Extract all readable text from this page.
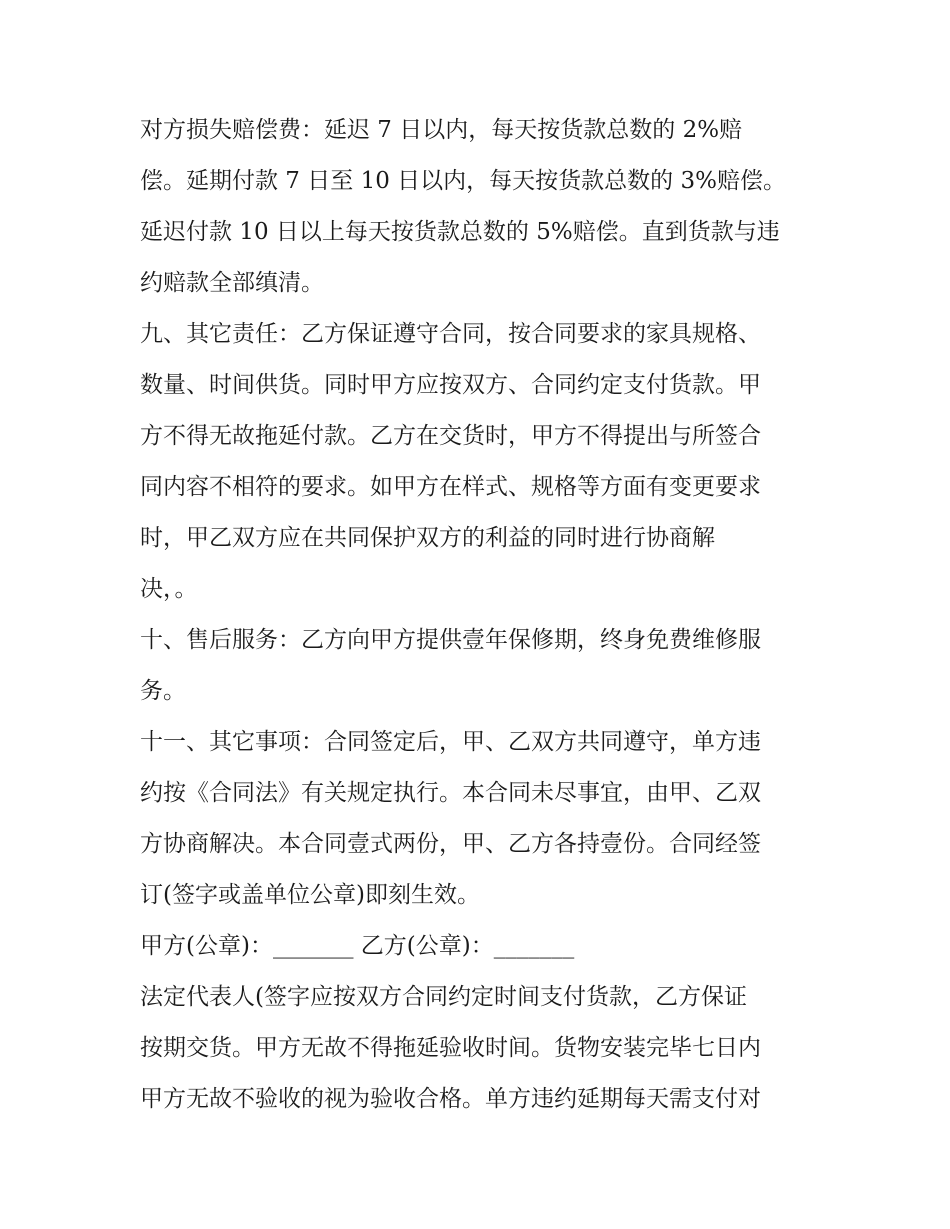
对方损失赔偿费：延迟 7 日以内，每天按货款总数的 2%赔
偿。延期付款 7 日至 10 日以内，每天按货款总数的 3%赔偿。
延迟付款 10 日以上每天按货款总数的 5%赔偿。直到货款与违
约赔款全部缜清。
九、其它责任：乙方保证遵守合同，按合同要求的家具规格、
数量、时间供货。同时甲方应按双方、合同约定支付货款。甲
方不得无故拖延付款。乙方在交货时，甲方不得提出与所签合
同内容不相符的要求。如甲方在样式、规格等方面有变更要求
时，甲乙双方应在共同保护双方的利益的同时进行协商解
决，。
十、售后服务：乙方向甲方提供壹年保修期，终身免费维修服
务。
十一、其它事项：合同签定后，甲、乙双方共同遵守，单方违
约按《合同法》有关规定执行。本合同未尽事宜，由甲、乙双
方协商解决。本合同壹式两份，甲、乙方各持壹份。合同经签
订(签字或盖单位公章)即刻生效。
甲方(公章)：_______ 乙方(公章)：_______
法定代表人(签字应按双方合同约定时间支付货款，乙方保证
按期交货。甲方无故不得拖延验收时间。货物安装完毕七日内
甲方无故不验收的视为验收合格。单方违约延期每天需支付对
